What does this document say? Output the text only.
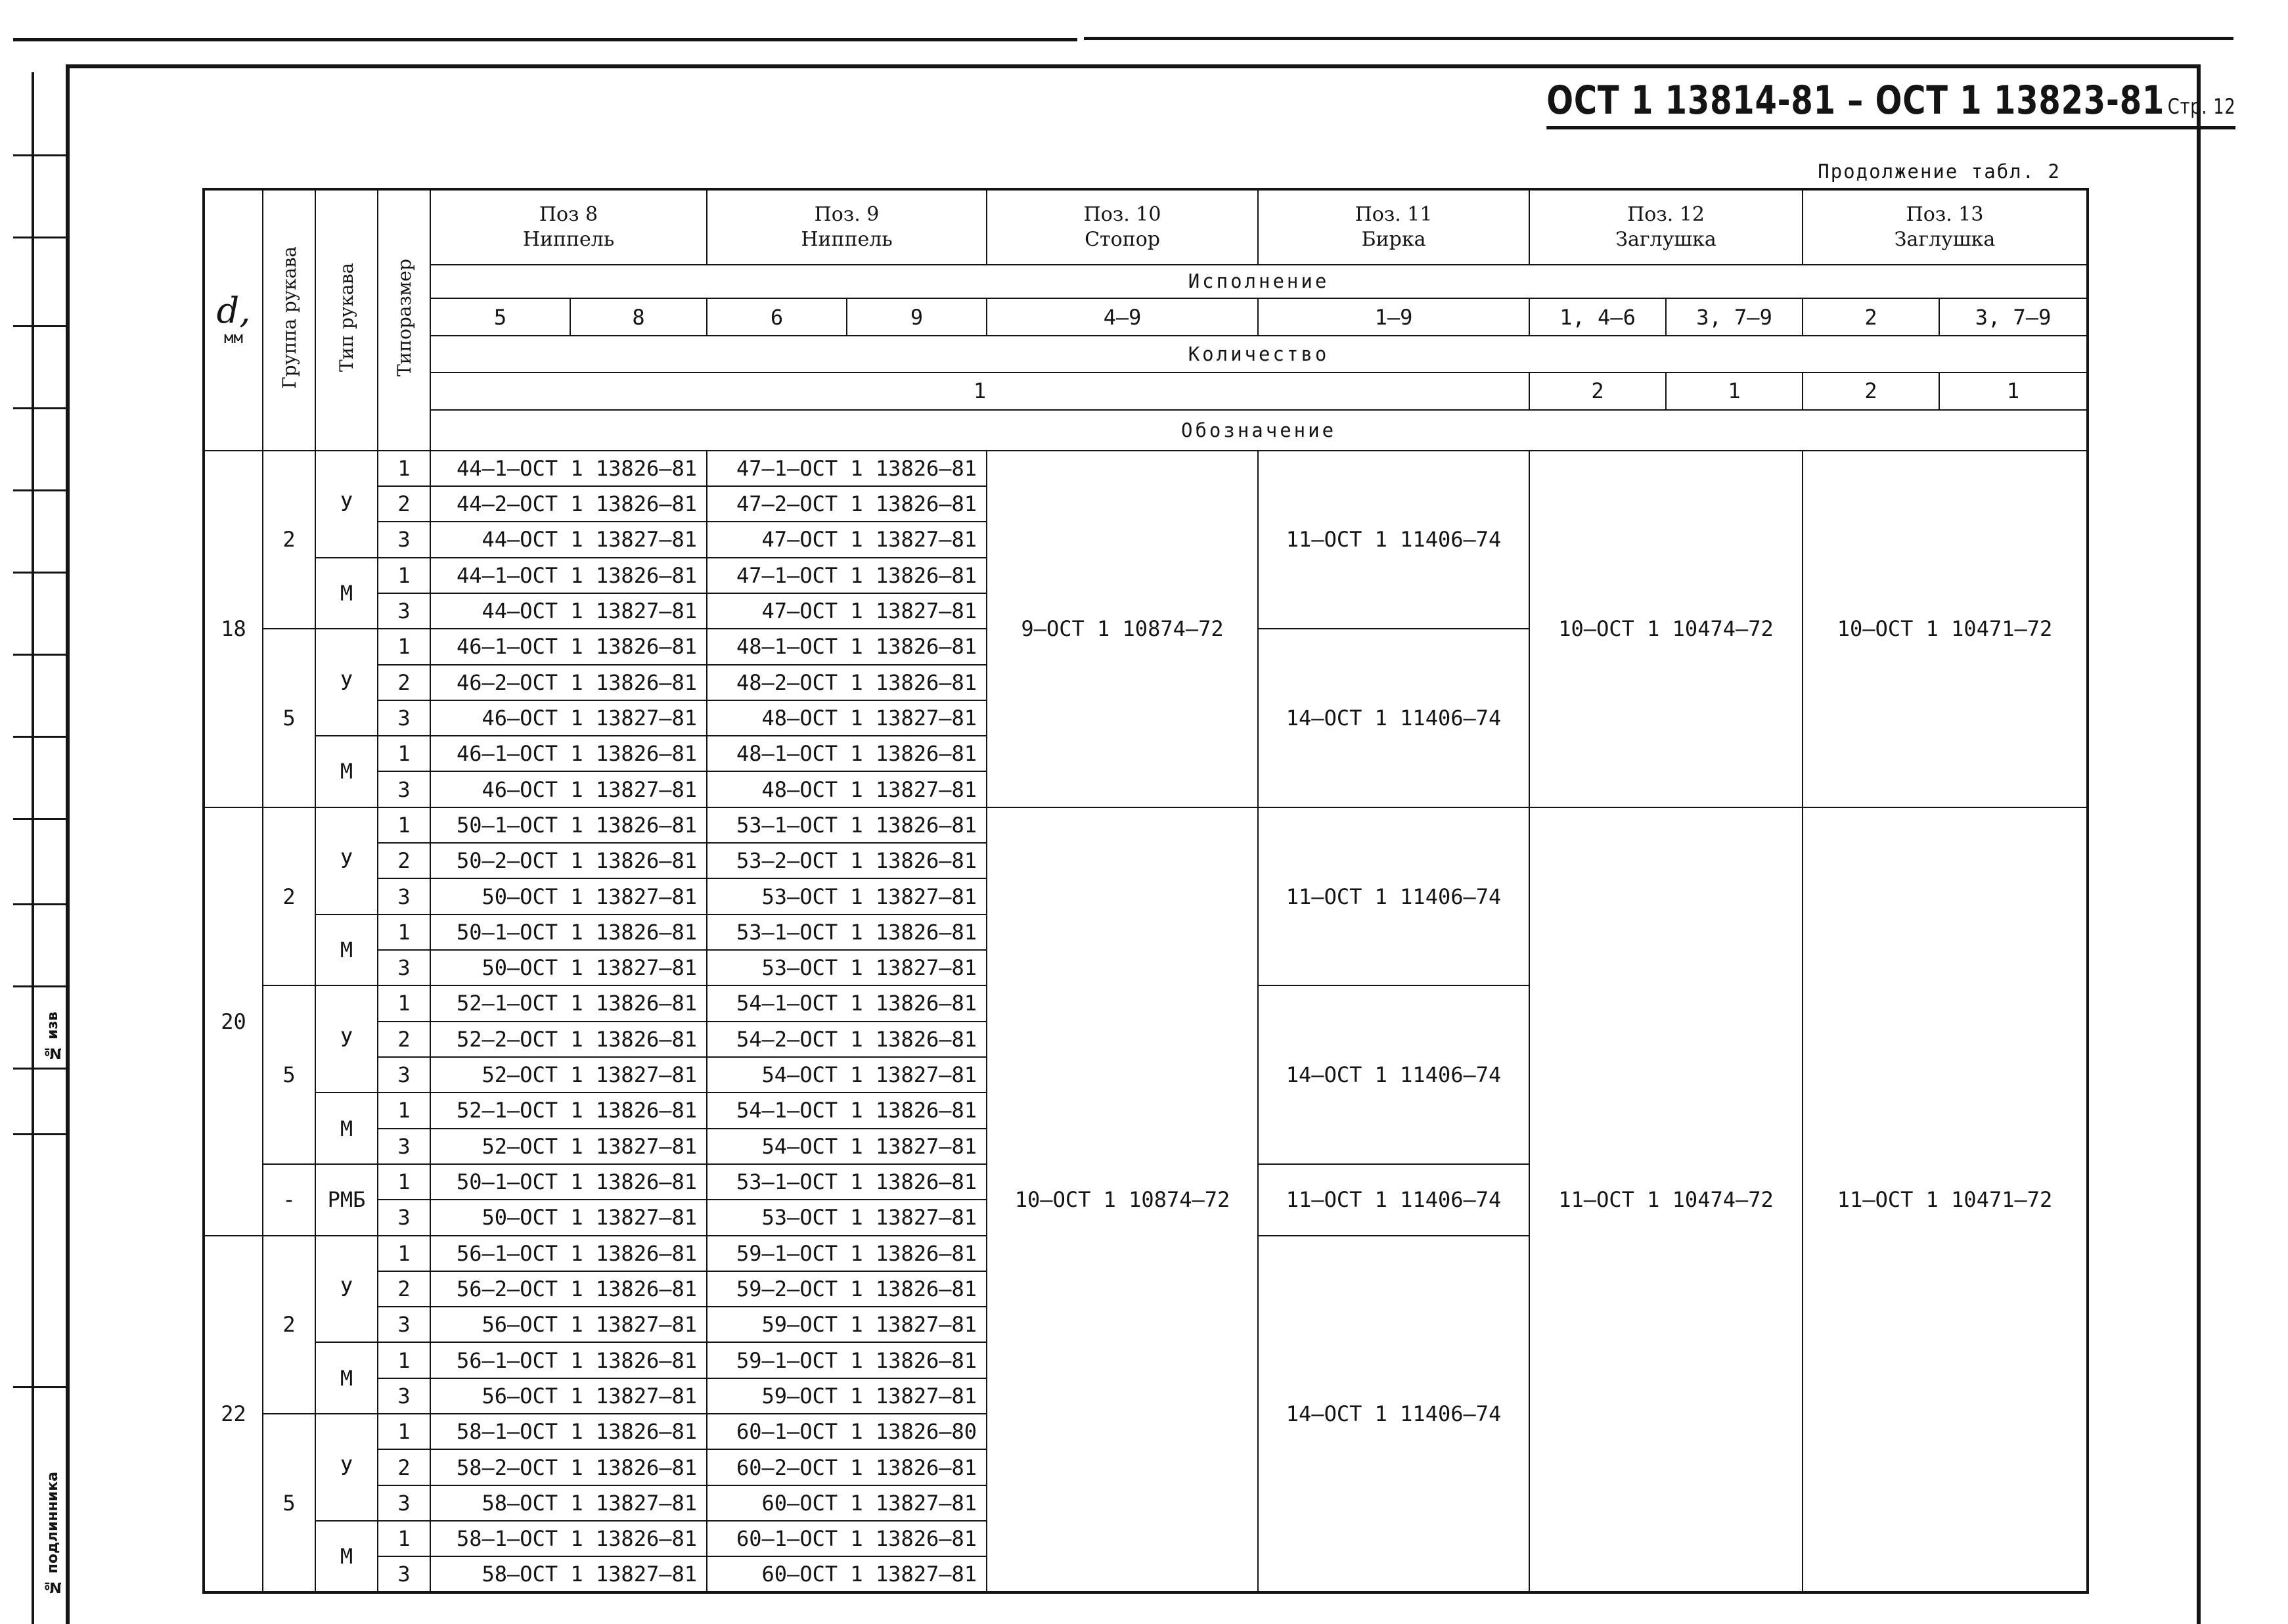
№ подлинника
№ изв
ОСТ 1 13814-81 – ОСТ 1 13823-81 Стр. 12
Продолжение табл. 2
d,
мм	Группа рукава	Тип рукава	Типоразмер	Поз 8
Ниппель		Поз. 9
Ниппель		Поз. 10
Стопор	Поз. 11
Бирка	Поз. 12
Заглушка		Поз. 13
Заглушка	
				Исполнение									
				5	8	6	9	4–9	1–9	1, 4–6	3, 7–9	2	3, 7–9
				Количество									
				1						2	1	2	1
				Обозначение									
18	2	У	1	44–1–ОСТ 1 13826–81		47–1–ОСТ 1 13826–81		9–ОСТ 1 10874–72	11–ОСТ 1 11406–74	10–ОСТ 1 10474–72		10–ОСТ 1 10471–72	
			2	44–2–ОСТ 1 13826–81		47–2–ОСТ 1 13826–81							
			3	44–ОСТ 1 13827–81		47–ОСТ 1 13827–81							
		М	1	44–1–ОСТ 1 13826–81		47–1–ОСТ 1 13826–81							
			3	44–ОСТ 1 13827–81		47–ОСТ 1 13827–81							
	5	У	1	46–1–ОСТ 1 13826–81		48–1–ОСТ 1 13826–81			14–ОСТ 1 11406–74				
			2	46–2–ОСТ 1 13826–81		48–2–ОСТ 1 13826–81							
			3	46–ОСТ 1 13827–81		48–ОСТ 1 13827–81							
		М	1	46–1–ОСТ 1 13826–81		48–1–ОСТ 1 13826–81							
			3	46–ОСТ 1 13827–81		48–ОСТ 1 13827–81							
20	2	У	1	50–1–ОСТ 1 13826–81		53–1–ОСТ 1 13826–81		10–ОСТ 1 10874–72	11–ОСТ 1 11406–74	11–ОСТ 1 10474–72		11–ОСТ 1 10471–72	
			2	50–2–ОСТ 1 13826–81		53–2–ОСТ 1 13826–81							
			3	50–ОСТ 1 13827–81		53–ОСТ 1 13827–81							
		М	1	50–1–ОСТ 1 13826–81		53–1–ОСТ 1 13826–81							
			3	50–ОСТ 1 13827–81		53–ОСТ 1 13827–81							
	5	У	1	52–1–ОСТ 1 13826–81		54–1–ОСТ 1 13826–81			14–ОСТ 1 11406–74				
			2	52–2–ОСТ 1 13826–81		54–2–ОСТ 1 13826–81							
			3	52–ОСТ 1 13827–81		54–ОСТ 1 13827–81							
		М	1	52–1–ОСТ 1 13826–81		54–1–ОСТ 1 13826–81							
			3	52–ОСТ 1 13827–81		54–ОСТ 1 13827–81							
	-	РМБ	1	50–1–ОСТ 1 13826–81		53–1–ОСТ 1 13826–81			11–ОСТ 1 11406–74				
			3	50–ОСТ 1 13827–81		53–ОСТ 1 13827–81							
22	2	У	1	56–1–ОСТ 1 13826–81		59–1–ОСТ 1 13826–81			14–ОСТ 1 11406–74				
			2	56–2–ОСТ 1 13826–81		59–2–ОСТ 1 13826–81							
			3	56–ОСТ 1 13827–81		59–ОСТ 1 13827–81							
		М	1	56–1–ОСТ 1 13826–81		59–1–ОСТ 1 13826–81							
			3	56–ОСТ 1 13827–81		59–ОСТ 1 13827–81							
	5	У	1	58–1–ОСТ 1 13826–81		60–1–ОСТ 1 13826–80							
			2	58–2–ОСТ 1 13826–81		60–2–ОСТ 1 13826–81							
			3	58–ОСТ 1 13827–81		60–ОСТ 1 13827–81							
		М	1	58–1–ОСТ 1 13826–81		60–1–ОСТ 1 13826–81							
			3	58–ОСТ 1 13827–81		60–ОСТ 1 13827–81							
